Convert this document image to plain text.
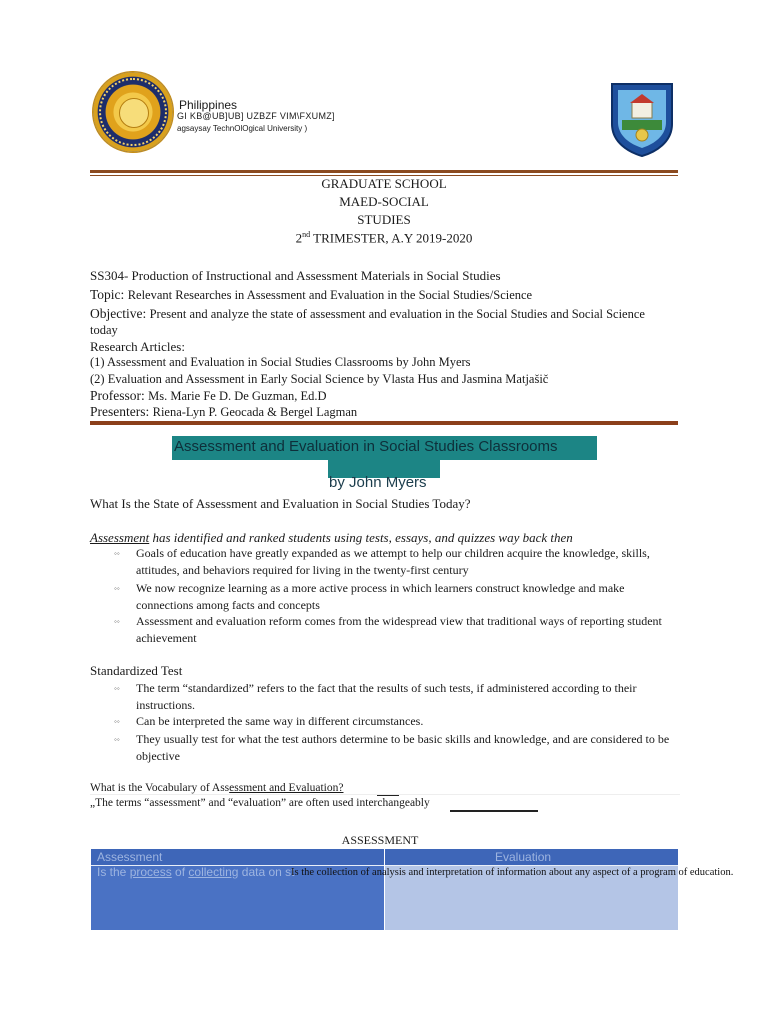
Philippines
GI KB@UB]UB] UZBZF VIM\FXUMZ]
agsaysay TechnOlOgical University )
GRADUATE SCHOOL
MAED-SOCIAL
STUDIES
2nd TRIMESTER, A.Y 2019-2020
SS304- Production of Instructional and Assessment Materials in Social Studies
Topic: Relevant Researches in Assessment and Evaluation in the Social Studies/Science
Objective: Present and analyze the state of assessment and evaluation in the Social Studies and Social Science today
Research Articles:
(1) Assessment and Evaluation in Social Studies Classrooms by John Myers
(2) Evaluation and Assessment in Early Social Science by Vlasta Hus and Jasmina Matjašič
Professor: Ms. Marie Fe D. De Guzman, Ed.D
Presenters: Riena-Lyn P. Geocada & Bergel Lagman
Assessment and Evaluation in Social Studies Classrooms
by John Myers
What Is the State of Assessment and Evaluation in Social Studies Today?
Assessment has identified and ranked students using tests, essays, and quizzes way back then
◦◦ Goals of education have greatly expanded as we attempt to help our children acquire the knowledge, skills, attitudes, and behaviors required for living in the twenty-first century
◦◦ We now recognize learning as a more active process in which learners construct knowledge and make connections among facts and concepts
◦◦ Assessment and evaluation reform comes from the widespread view that traditional ways of reporting student achievement
Standardized Test
◦◦ The term “standardized” refers to the fact that the results of such tests, if administered according to their instructions.
◦◦ Can be interpreted the same way in different circumstances.
◦◦ They usually test for what the test authors determine to be basic skills and knowledge, and are considered to be objective
What is the Vocabulary of Assessment and Evaluation?
„The terms “assessment” and “evaluation” are often used interchangeably
ASSESSMENT
Assessment	Evaluation
Is the process of collecting data on st
Is the collection of analysis and interpretation of information about any aspect of a program of education.
